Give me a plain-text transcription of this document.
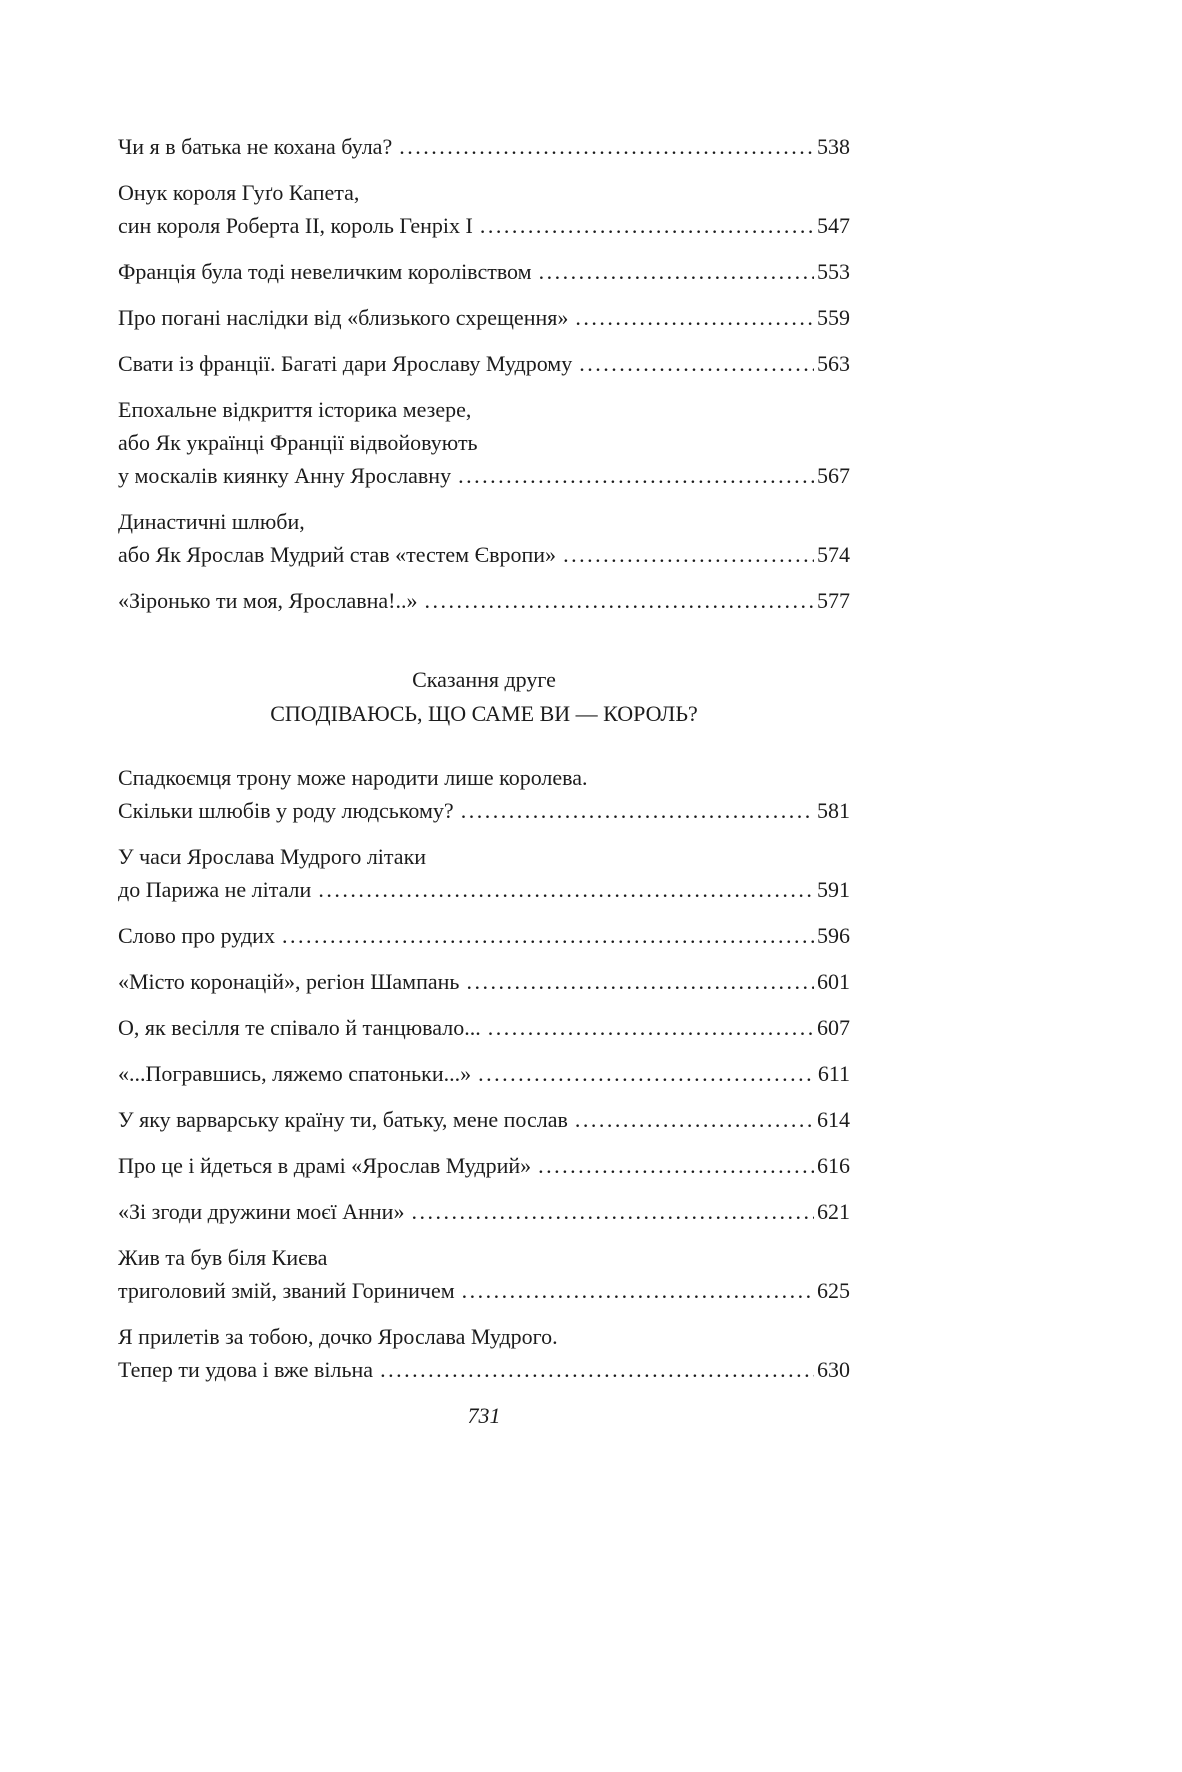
Чи я в батька не кохана була? .....	538
Онук короля Гуґо Капета,
син короля Роберта II, король Генріх I .....	547
Франція була тоді невеличким королівством .....	553
Про погані наслідки від «близького схрещення» .....	559
Свати із франції. Багаті дари Ярославу Мудрому .....	563
Епохальне відкриття історика мезере,
або Як українці Франції відвойовують
у москалів киянку Анну Ярославну .....	567
Династичні шлюби,
або Як Ярослав Мудрий став «тестем Європи» .....	574
«Зіронько ти моя, Ярославна!..» .....	577
Сказання друге
СПОДІВАЮСЬ, ЩО САМЕ ВИ — КОРОЛЬ?
Спадкоємця трону може народити лише королева.
Скільки шлюбів у роду людському? .....	581
У часи Ярослава Мудрого літаки
до Парижа не літали .....	591
Слово про рудих .....	596
«Місто коронацій», регіон Шампань .....	601
О, як весілля те співало й танцювало... .....	607
«...Погравшись, ляжемо спатоньки...» .....	611
У яку варварську країну ти, батьку, мене послав .....	614
Про це і йдеться в драмі «Ярослав Мудрий» .....	616
«Зі згоди дружини моєї Анни» .....	621
Жив та був біля Києва
триголовий змій, званий Гориничем .....	625
Я прилетів за тобою, дочко Ярослава Мудрого.
Тепер ти удова і вже вільна .....	630
731
